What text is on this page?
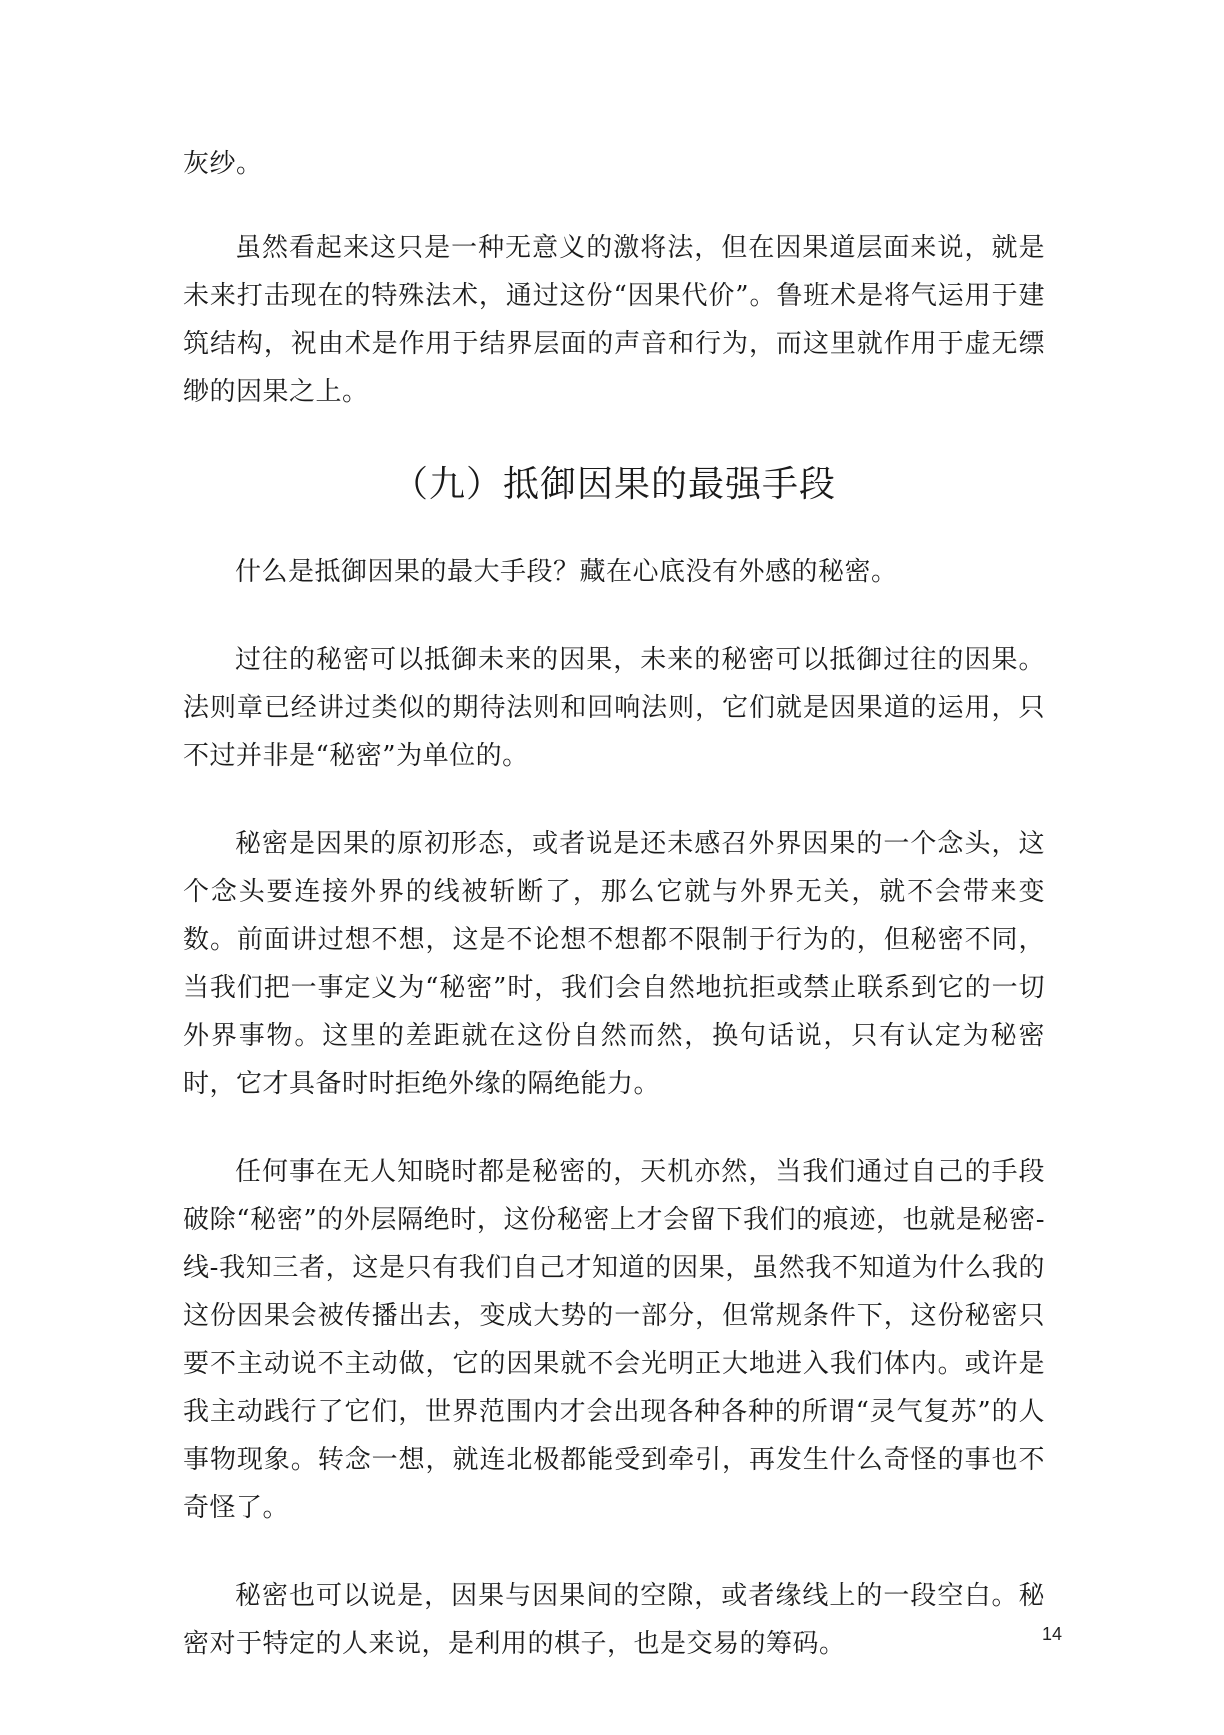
灰纱。

虽然看起来这只是一种无意义的激将法，但在因果道层面来说，就是未来打击现在的特殊法术，通过这份“因果代价”。鲁班术是将气运用于建筑结构，祝由术是作用于结界层面的声音和行为，而这里就作用于虚无缥缈的因果之上。

（九）抵御因果的最强手段

什么是抵御因果的最大手段？藏在心底没有外感的秘密。

过往的秘密可以抵御未来的因果，未来的秘密可以抵御过往的因果。法则章已经讲过类似的期待法则和回响法则，它们就是因果道的运用，只不过并非是“秘密”为单位的。

秘密是因果的原初形态，或者说是还未感召外界因果的一个念头，这个念头要连接外界的线被斩断了，那么它就与外界无关，就不会带来变数。前面讲过想不想，这是不论想不想都不限制于行为的，但秘密不同，当我们把一事定义为“秘密”时，我们会自然地抗拒或禁止联系到它的一切外界事物。这里的差距就在这份自然而然，换句话说，只有认定为秘密时，它才具备时时拒绝外缘的隔绝能力。

任何事在无人知晓时都是秘密的，天机亦然，当我们通过自己的手段破除“秘密”的外层隔绝时，这份秘密上才会留下我们的痕迹，也就是秘密-线-我知三者，这是只有我们自己才知道的因果，虽然我不知道为什么我的这份因果会被传播出去，变成大势的一部分，但常规条件下，这份秘密只要不主动说不主动做，它的因果就不会光明正大地进入我们体内。或许是我主动践行了它们，世界范围内才会出现各种各种的所谓“灵气复苏”的人事物现象。转念一想，就连北极都能受到牵引，再发生什么奇怪的事也不奇怪了。

秘密也可以说是，因果与因果间的空隙，或者缘线上的一段空白。秘密对于特定的人来说，是利用的棋子，也是交易的筹码。	14
